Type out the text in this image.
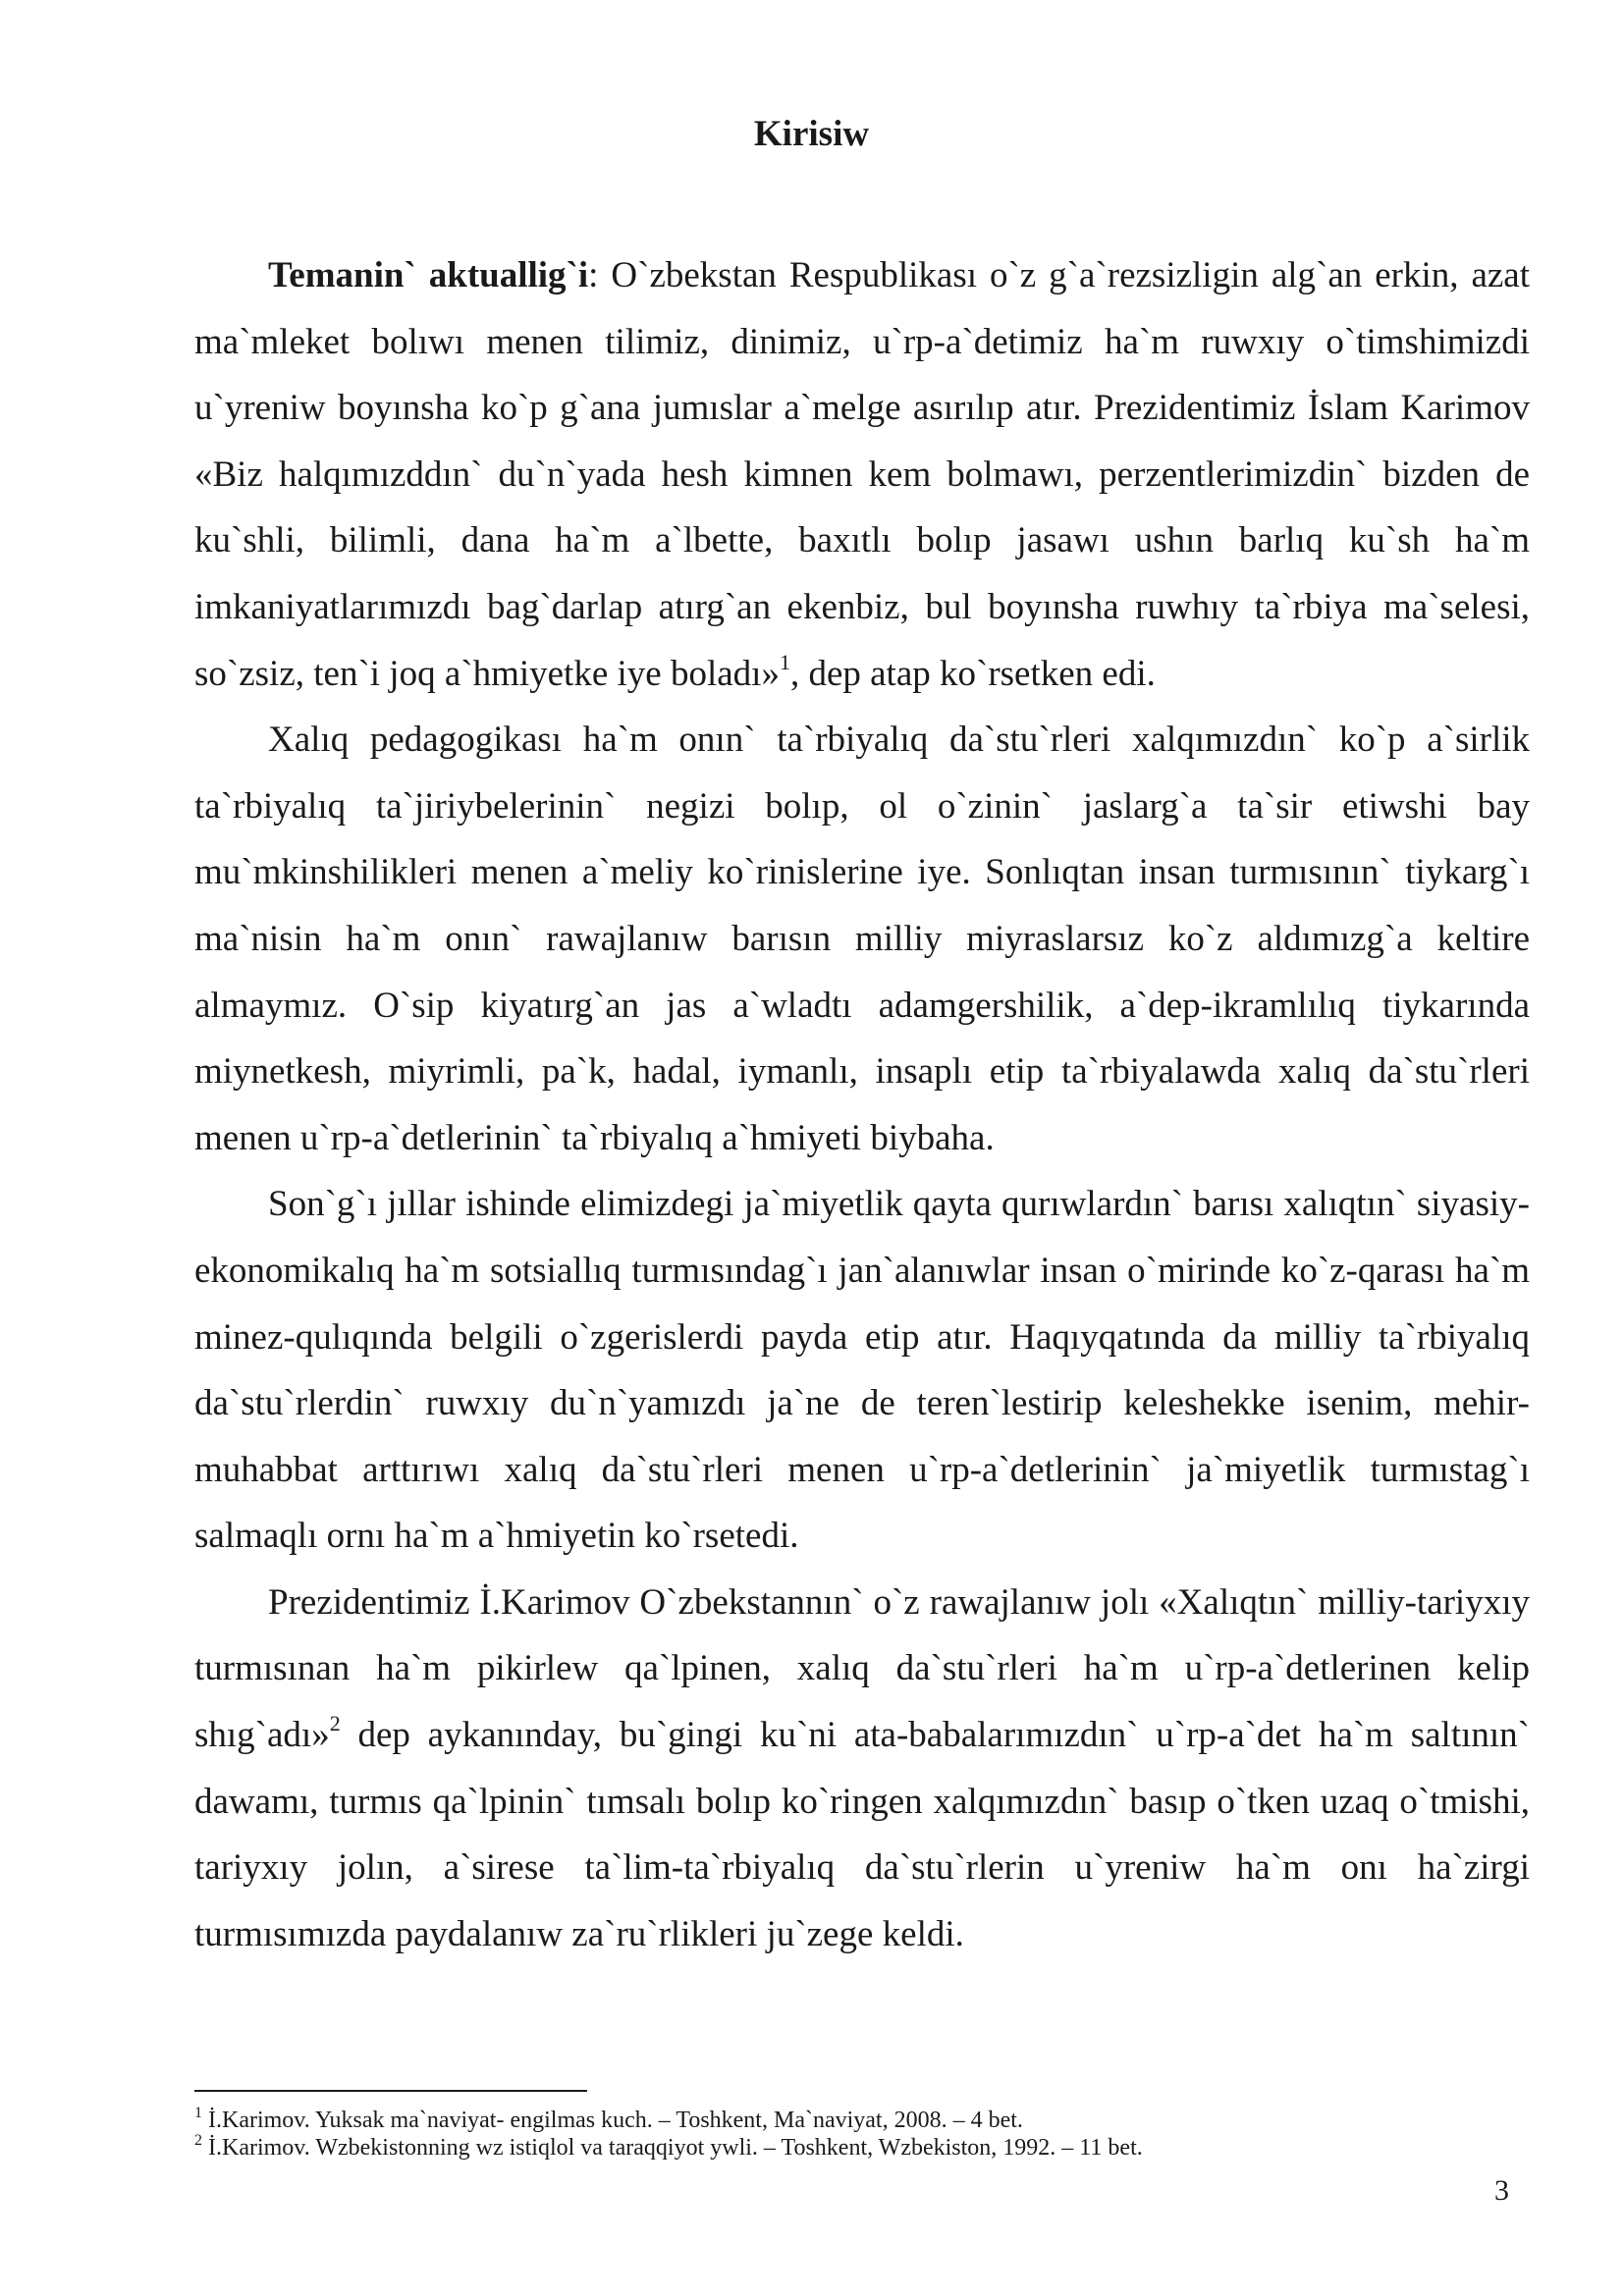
Kirisiw

Temanin` aktuallig`i: O`zbekstan Respublikası o`z g`a`rezsizligin alg`an erkin, azat ma`mleket bolıwı menen tilimiz, dinimiz, u`rp-a`detimiz ha`m ruwxıy o`timshimizdi u`yreniw boyınsha ko`p g`ana jumıslar a`melge asırılıp atır. Prezidentimiz İslam Karimov «Biz halqımızddın` du`n`yada hesh kimnen kem bolmawı, perzentlerimizdin` bizden de ku`shli, bilimli, dana ha`m a`lbette, baxıtlı bolıp jasawı ushın barlıq ku`sh ha`m imkaniyatlarımızdı bag`darlap atırg`an ekenbiz, bul boyınsha ruwhıy ta`rbiya ma`selesi, so`zsiz, ten`i joq a`hmiyetke iye boladı»$^1$, dep atap ko`rsetken edi.

Xalıq pedagogikası ha`m onın` ta`rbiyalıq da`stu`rleri xalqımızdın` ko`p a`sirlik ta`rbiyalıq ta`jiriybelerinin` negizi bolıp, ol o`zinin` jaslarg`a ta`sir etiwshi bay mu`mkinshilikleri menen a`meliy ko`rinislerine iye. Sonlıqtan insan turmısının` tiykarg`ı ma`nisin ha`m onın` rawajlanıw barısın milliy miyraslarsız ko`z aldımızg`a keltire almaymız. O`sip kiyatırg`an jas a`wladtı adamgershilik, a`dep-ikramlılıq tiykarında miynetkesh, miyrimli, pa`k, hadal, iymanlı, insaplı etip ta`rbiyalawda xalıq da`stu`rleri menen u`rp-a`detlerinin` ta`rbiyalıq a`hmiyeti biybaha.

Son`g`ı jıllar ishinde elimizdegi ja`miyetlik qayta qurıwlardın` barısı xalıqtın` siyasiy-ekonomikalıq ha`m sotsiallıq turmısındag`ı jan`alanıwlar insan o`mirinde ko`z-qarası ha`m minez-qulıqında belgili o`zgerislerdi payda etip atır. Haqıyqatında da milliy ta`rbiyalıq da`stu`rlerdin` ruwxıy du`n`yamızdı ja`ne de teren`lestirip keleshekke isenim, mehir-muhabbat arttırıwı xalıq da`stu`rleri menen u`rp-a`detlerinin` ja`miyetlik turmıstag`ı salmaqlı ornı ha`m a`hmiyetin ko`rsetedi.

Prezidentimiz İ.Karimov O`zbekstannın` o`z rawajlanıw jolı «Xalıqtın` milliy-tariyxıy turmısınan ha`m pikirlew qa`lpinen, xalıq da`stu`rleri ha`m u`rp-a`detlerinen kelip shıg`adı»$^2$ dep aykanınday, bu`gingi ku`ni ata-babalarımızdın` u`rp-a`det ha`m saltının` dawamı, turmıs qa`lpinin` tımsalı bolıp ko`ringen xalqımızdın` basıp o`tken uzaq o`tmishi, tariyxıy jolın, a`sirese ta`lim-ta`rbiyalıq da`stu`rlerin u`yreniw ha`m onı ha`zirgi turmısımızda paydalanıw za`ru`rlikleri ju`zege keldi.

$^1$ İ.Karimov. Yuksak ma`naviyat- engilmas kuch. – Toshkent, Ma`naviyat, 2008. – 4 bet.

$^2$ İ.Karimov. Wzbekistonning wz istiqlol va taraqqiyot ywli. – Toshkent, Wzbekiston, 1992. – 11 bet.

3
